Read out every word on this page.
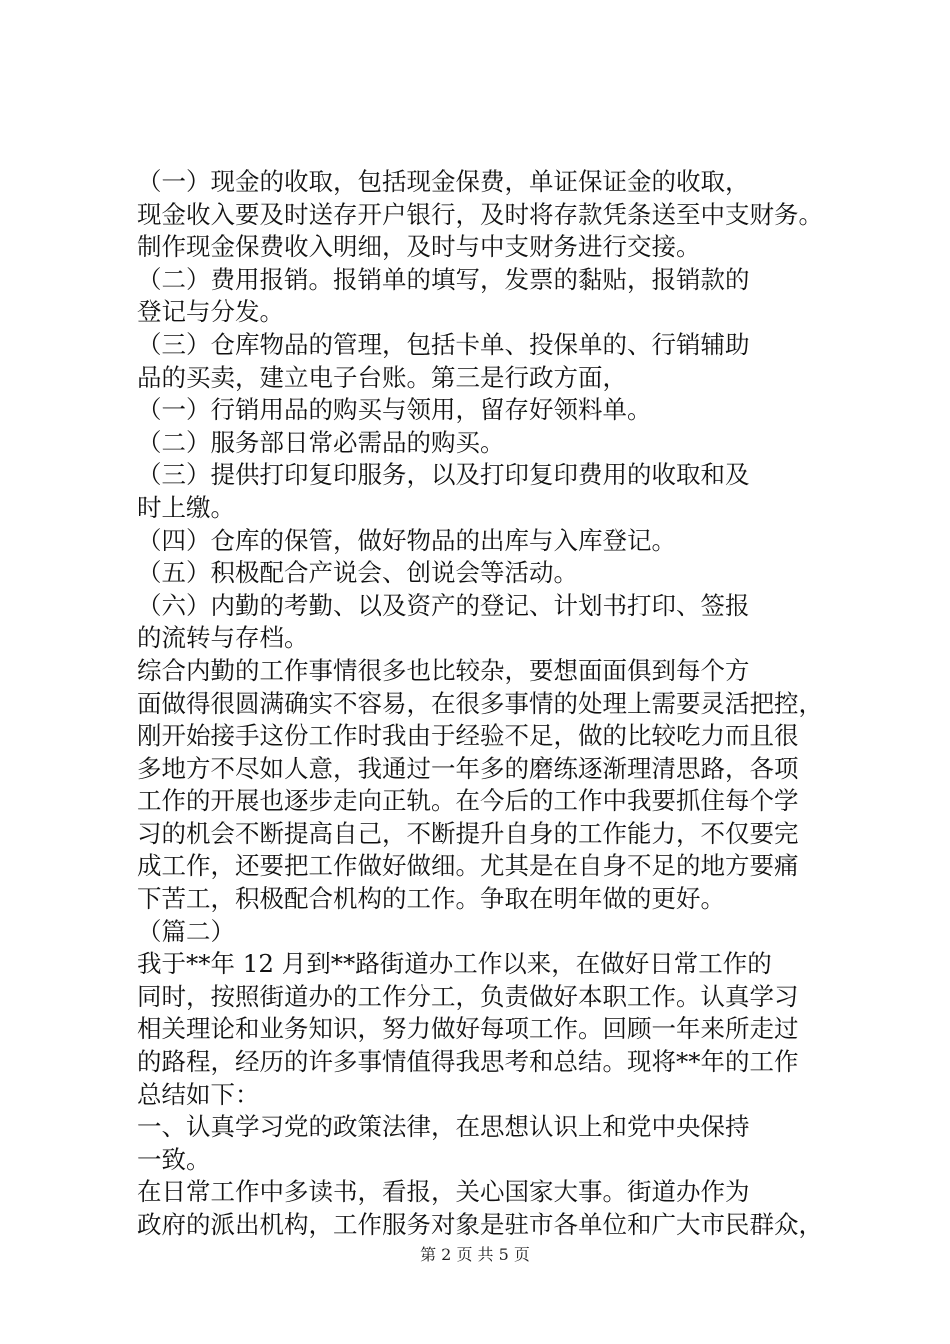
（一）现金的收取，包括现金保费，单证保证金的收取，
现金收入要及时送存开户银行，及时将存款凭条送至中支财务。
制作现金保费收入明细，及时与中支财务进行交接。
（二）费用报销。报销单的填写，发票的黏贴，报销款的
登记与分发。
（三）仓库物品的管理，包括卡单、投保单的、行销辅助
品的买卖，建立电子台账。第三是行政方面，
（一）行销用品的购买与领用，留存好领料单。
（二）服务部日常必需品的购买。
（三）提供打印复印服务，以及打印复印费用的收取和及
时上缴。
（四）仓库的保管，做好物品的出库与入库登记。
（五）积极配合产说会、创说会等活动。
（六）内勤的考勤、以及资产的登记、计划书打印、签报
的流转与存档。
综合内勤的工作事情很多也比较杂，要想面面俱到每个方
面做得很圆满确实不容易，在很多事情的处理上需要灵活把控，
刚开始接手这份工作时我由于经验不足，做的比较吃力而且很
多地方不尽如人意，我通过一年多的磨练逐渐理清思路，各项
工作的开展也逐步走向正轨。在今后的工作中我要抓住每个学
习的机会不断提高自己，不断提升自身的工作能力，不仅要完
成工作，还要把工作做好做细。尤其是在自身不足的地方要痛
下苦工，积极配合机构的工作。争取在明年做的更好。
（篇二）
我于**年 12 月到**路街道办工作以来，在做好日常工作的
同时，按照街道办的工作分工，负责做好本职工作。认真学习
相关理论和业务知识，努力做好每项工作。回顾一年来所走过
的路程，经历的许多事情值得我思考和总结。现将**年的工作
总结如下：
一、认真学习党的政策法律，在思想认识上和党中央保持
一致。
在日常工作中多读书，看报，关心国家大事。街道办作为
政府的派出机构，工作服务对象是驻市各单位和广大市民群众，
第 2 页 共 5 页
